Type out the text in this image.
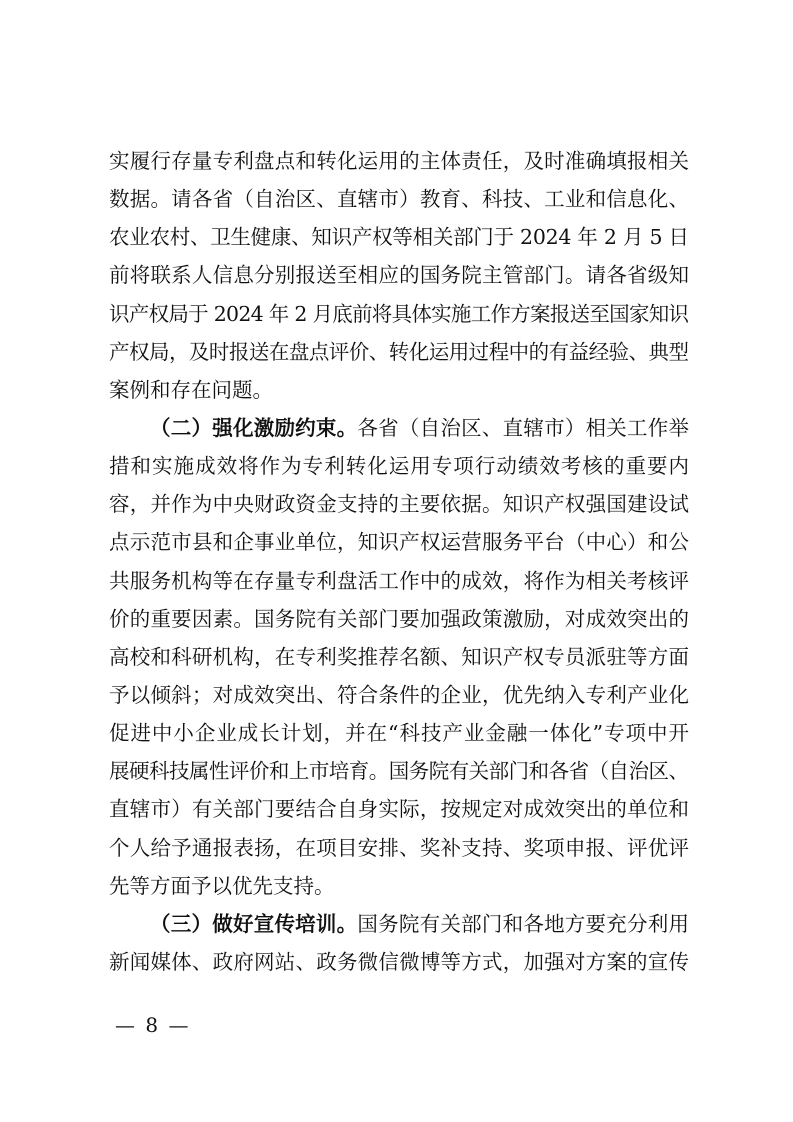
实履行存量专利盘点和转化运用的主体责任，及时准确填报相关
数据。请各省（自治区、直辖市）教育、科技、工业和信息化、
农业农村、卫生健康、知识产权等相关部门于 2024 年 2 月 5 日
前将联系人信息分别报送至相应的国务院主管部门。请各省级知
识产权局于 2024 年 2 月底前将具体实施工作方案报送至国家知识
产权局，及时报送在盘点评价、转化运用过程中的有益经验、典型
案例和存在问题。
（二）强化激励约束。各省（自治区、直辖市）相关工作举
措和实施成效将作为专利转化运用专项行动绩效考核的重要内
容，并作为中央财政资金支持的主要依据。知识产权强国建设试
点示范市县和企事业单位，知识产权运营服务平台（中心）和公
共服务机构等在存量专利盘活工作中的成效，将作为相关考核评
价的重要因素。国务院有关部门要加强政策激励，对成效突出的
高校和科研机构，在专利奖推荐名额、知识产权专员派驻等方面
予以倾斜；对成效突出、符合条件的企业，优先纳入专利产业化
促进中小企业成长计划，并在“科技产业金融一体化”专项中开
展硬科技属性评价和上市培育。国务院有关部门和各省（自治区、
直辖市）有关部门要结合自身实际，按规定对成效突出的单位和
个人给予通报表扬，在项目安排、奖补支持、奖项申报、评优评
先等方面予以优先支持。
（三）做好宣传培训。国务院有关部门和各地方要充分利用
新闻媒体、政府网站、政务微信微博等方式，加强对方案的宣传
— 8 —
